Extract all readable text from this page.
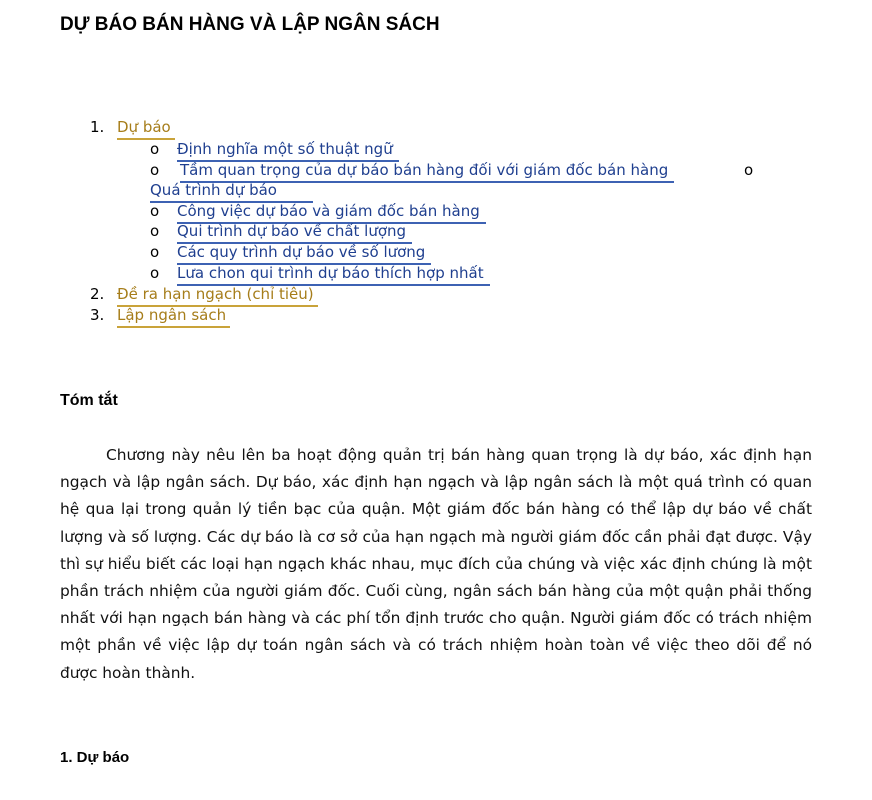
DỰ BÁO BÁN HÀNG VÀ LẬP NGÂN SÁCH
1. Dự báo
o Định nghĩa một số thuật ngữ
o Tầm quan trọng của dự báo bán hàng đối với giám đốc bán hàng	o
Quá trình dự báo
o Công việc dự báo và giám đốc bán hàng
o Qui trình dự báo về chất lượng
o Các quy trình dự báo về số lương
o Lưa chon qui trình dự báo thích hợp nhất
2. Đề ra hạn ngạch (chỉ tiêu)
3. Lập ngân sách
Tóm tắt

Chương này nêu lên ba hoạt động quản trị bán hàng quan trọng là dự báo, xác định hạn ngạch và lập ngân sách. Dự báo, xác định hạn ngạch và lập ngân sách là một quá trình có quan hệ qua lại trong quản lý tiền bạc của quận. Một giám đốc bán hàng có thể lập dự báo về chất lượng và số lượng. Các dự báo là cơ sở của hạn ngạch mà người giám đốc cần phải đạt được. Vậy thì sự hiểu biết các loại hạn ngạch khác nhau, mục đích của chúng và việc xác định chúng là một phần trách nhiệm của người giám đốc. Cuối cùng, ngân sách bán hàng của một quận phải thống nhất với hạn ngạch bán hàng và các phí tổn định trước cho quận. Người giám đốc có trách nhiệm một phần về việc lập dự toán ngân sách và có trách nhiệm hoàn toàn về việc theo dõi để nó được hoàn thành.

1. Dự báo
